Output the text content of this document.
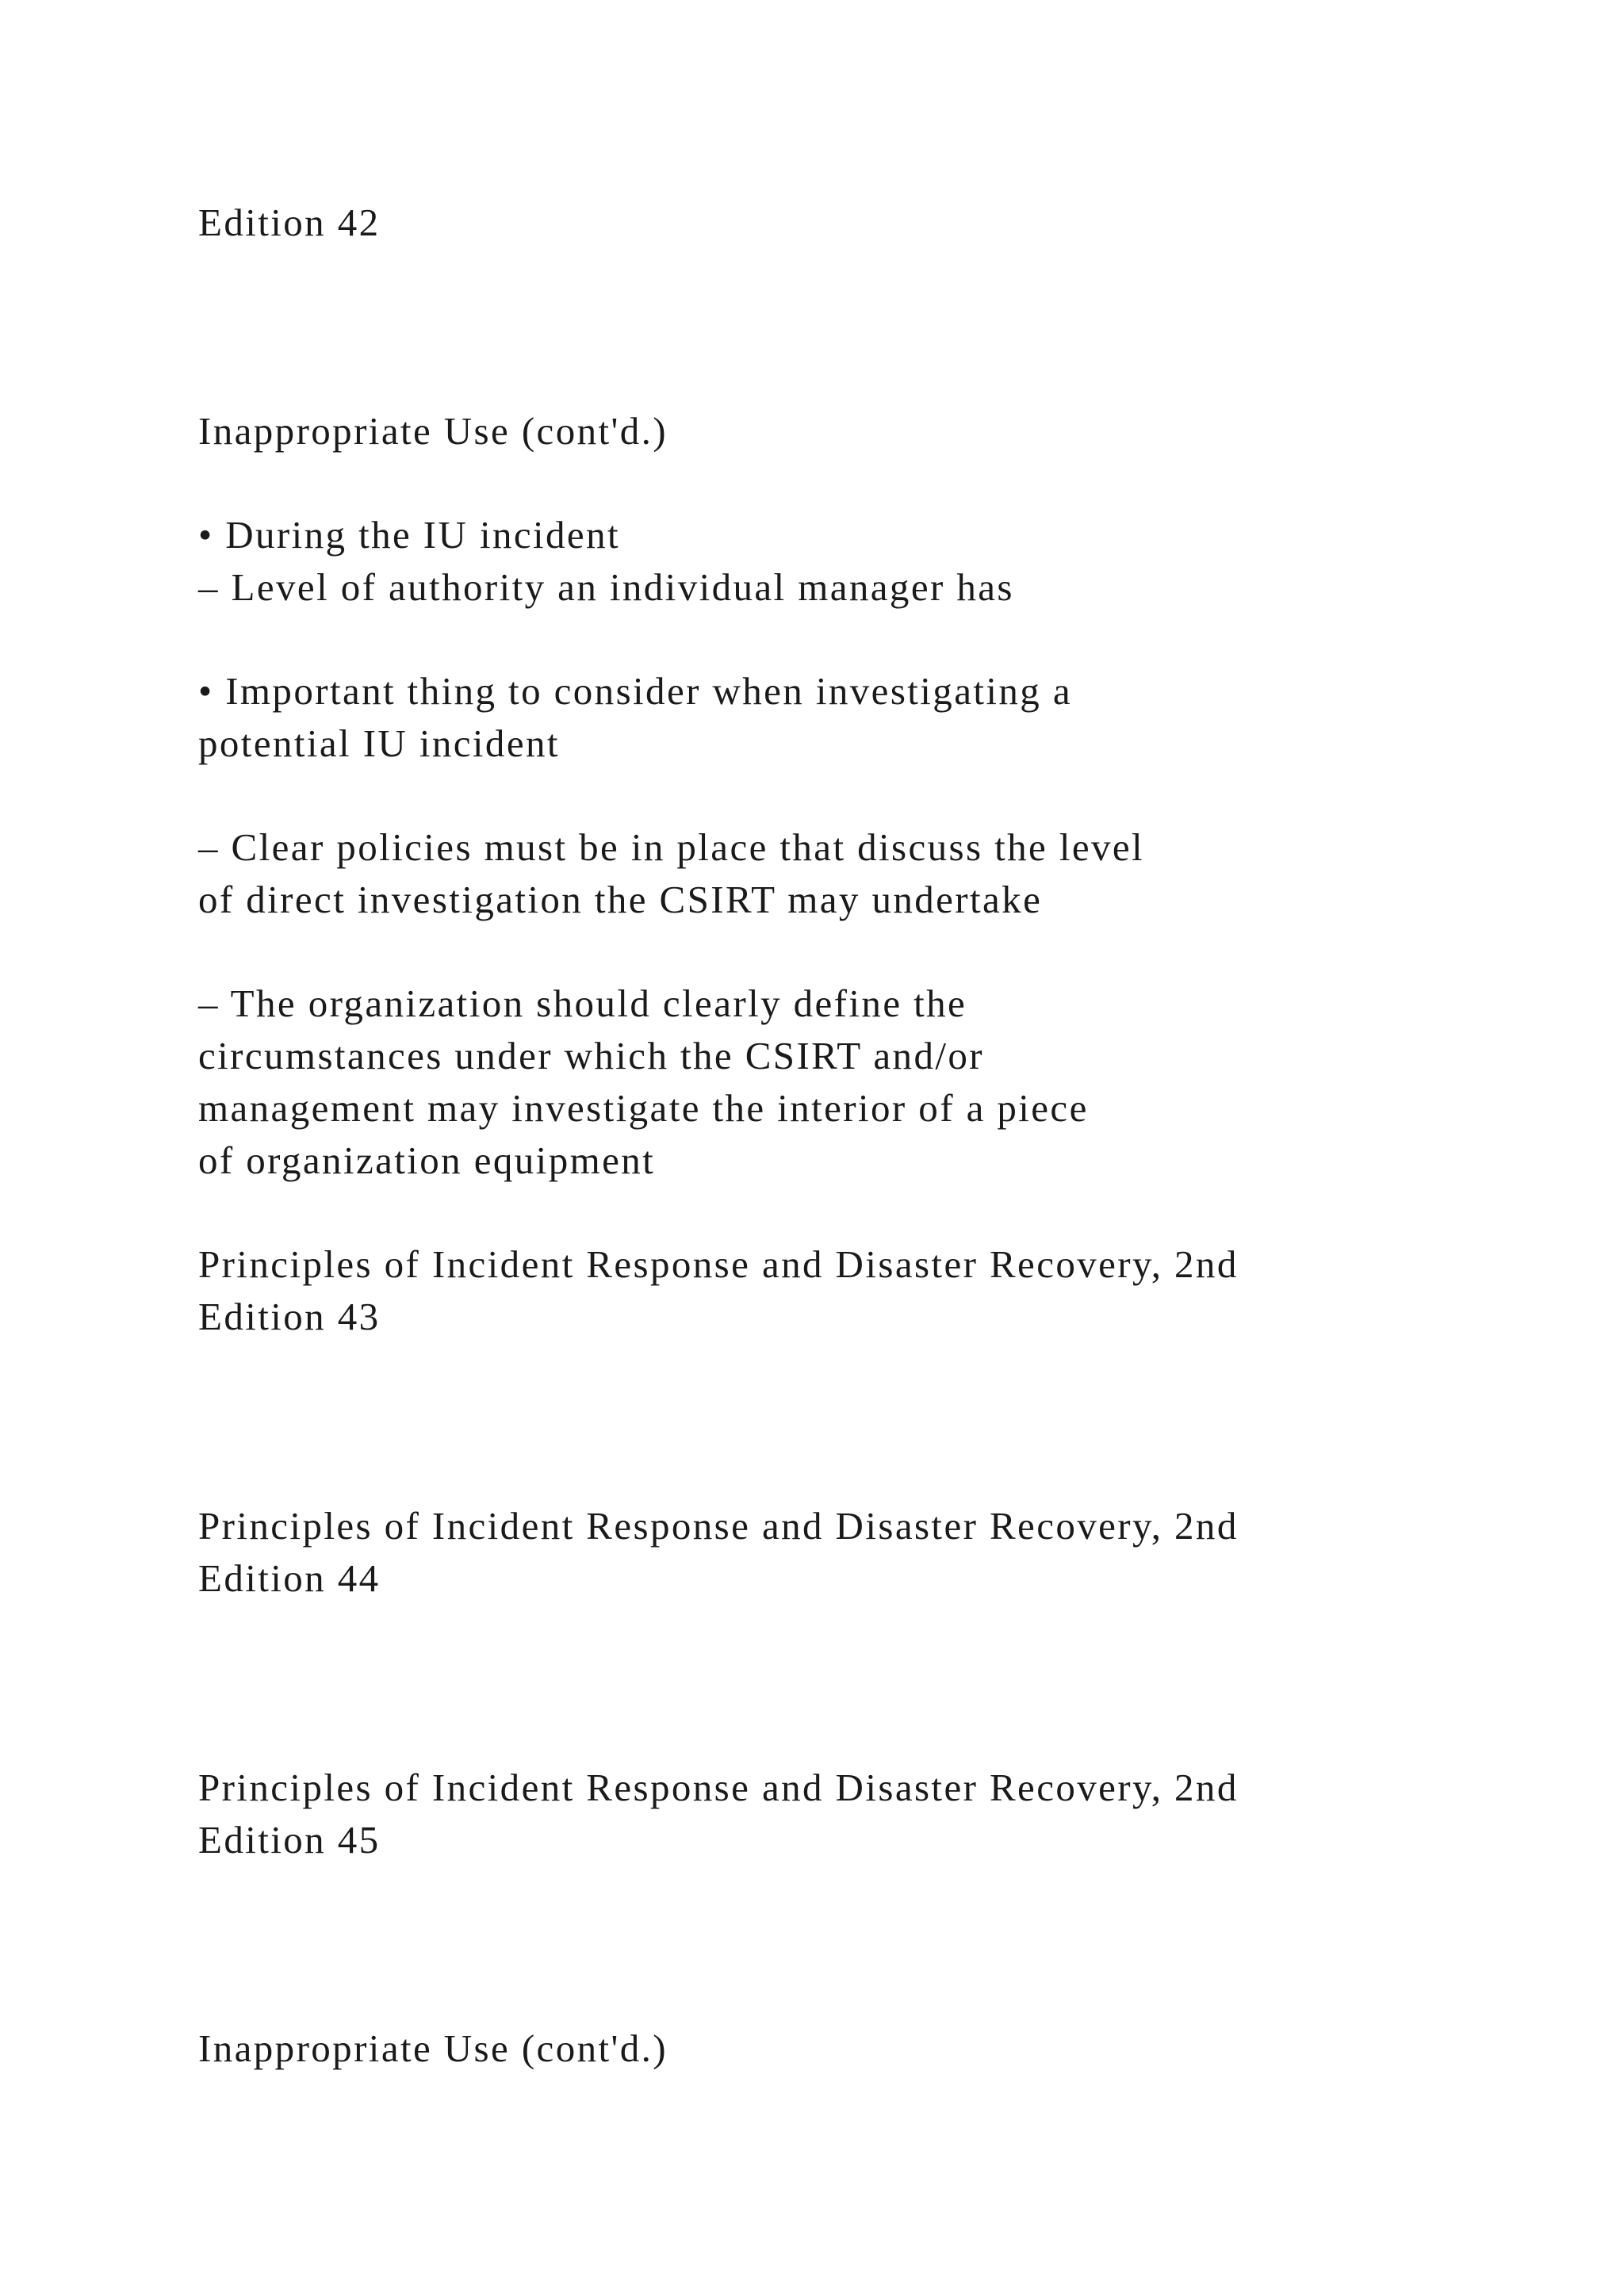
Edition 42
Inappropriate Use (cont'd.)
• During the IU incident
– Level of authority an individual manager has
• Important thing to consider when investigating a
potential IU incident
– Clear policies must be in place that discuss the level
of direct investigation the CSIRT may undertake
– The organization should clearly define the
circumstances under which the CSIRT and/or
management may investigate the interior of a piece
of organization equipment
Principles of Incident Response and Disaster Recovery, 2nd
Edition 43
Principles of Incident Response and Disaster Recovery, 2nd
Edition 44
Principles of Incident Response and Disaster Recovery, 2nd
Edition 45
Inappropriate Use (cont'd.)
